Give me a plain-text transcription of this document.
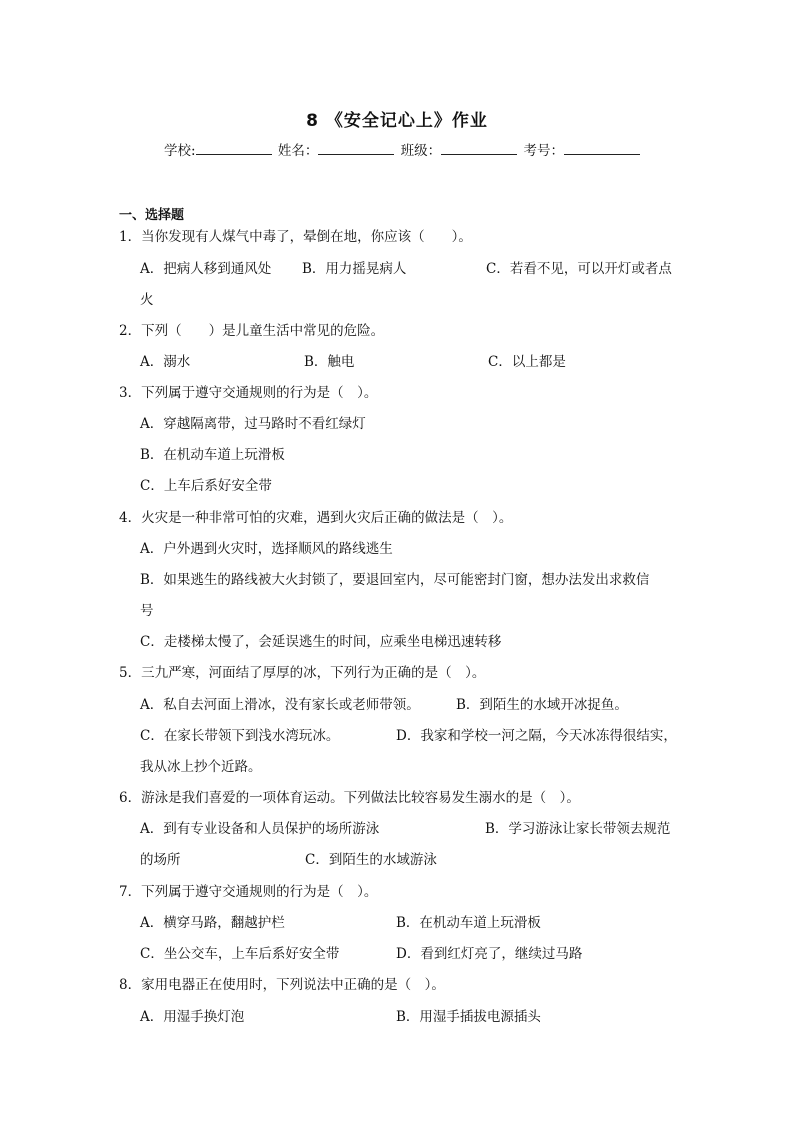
8 《安全记心上》作业
学校:	姓名：	班级：	考号：
一、选择题
1．当你发现有人煤气中毒了，晕倒在地，你应该（　　）。
A．把病人移到通风处 B．用力摇晃病人	C．若看不见，可以开灯或者点
火
2．下列（　　）是儿童生活中常见的危险。
A．溺水	B．触电	C．以上都是
3．下列属于遵守交通规则的行为是（　）。
A．穿越隔离带，过马路时不看红绿灯
B．在机动车道上玩滑板
C．上车后系好安全带
4．火灾是一种非常可怕的灾难，遇到火灾后正确的做法是（　）。
A．户外遇到火灾时，选择顺风的路线逃生
B．如果逃生的路线被大火封锁了，要退回室内，尽可能密封门窗，想办法发出求救信
号
C．走楼梯太慢了，会延误逃生的时间，应乘坐电梯迅速转移
5．三九严寒，河面结了厚厚的冰，下列行为正确的是（　）。
A．私自去河面上滑冰，没有家长或老师带领。	B．到陌生的水域开冰捉鱼。
C．在家长带领下到浅水湾玩冰。	D．我家和学校一河之隔，今天冰冻得很结实，
我从冰上抄个近路。
6．游泳是我们喜爱的一项体育运动。下列做法比较容易发生溺水的是（　）。
A．到有专业设备和人员保护的场所游泳	B．学习游泳让家长带领去规范
的场所	C．到陌生的水域游泳
7．下列属于遵守交通规则的行为是（　）。
A．横穿马路，翻越护栏	B．在机动车道上玩滑板
C．坐公交车，上车后系好安全带	D．看到红灯亮了，继续过马路
8．家用电器正在使用时，下列说法中正确的是（　）。
A．用湿手换灯泡	B．用湿手插拔电源插头
